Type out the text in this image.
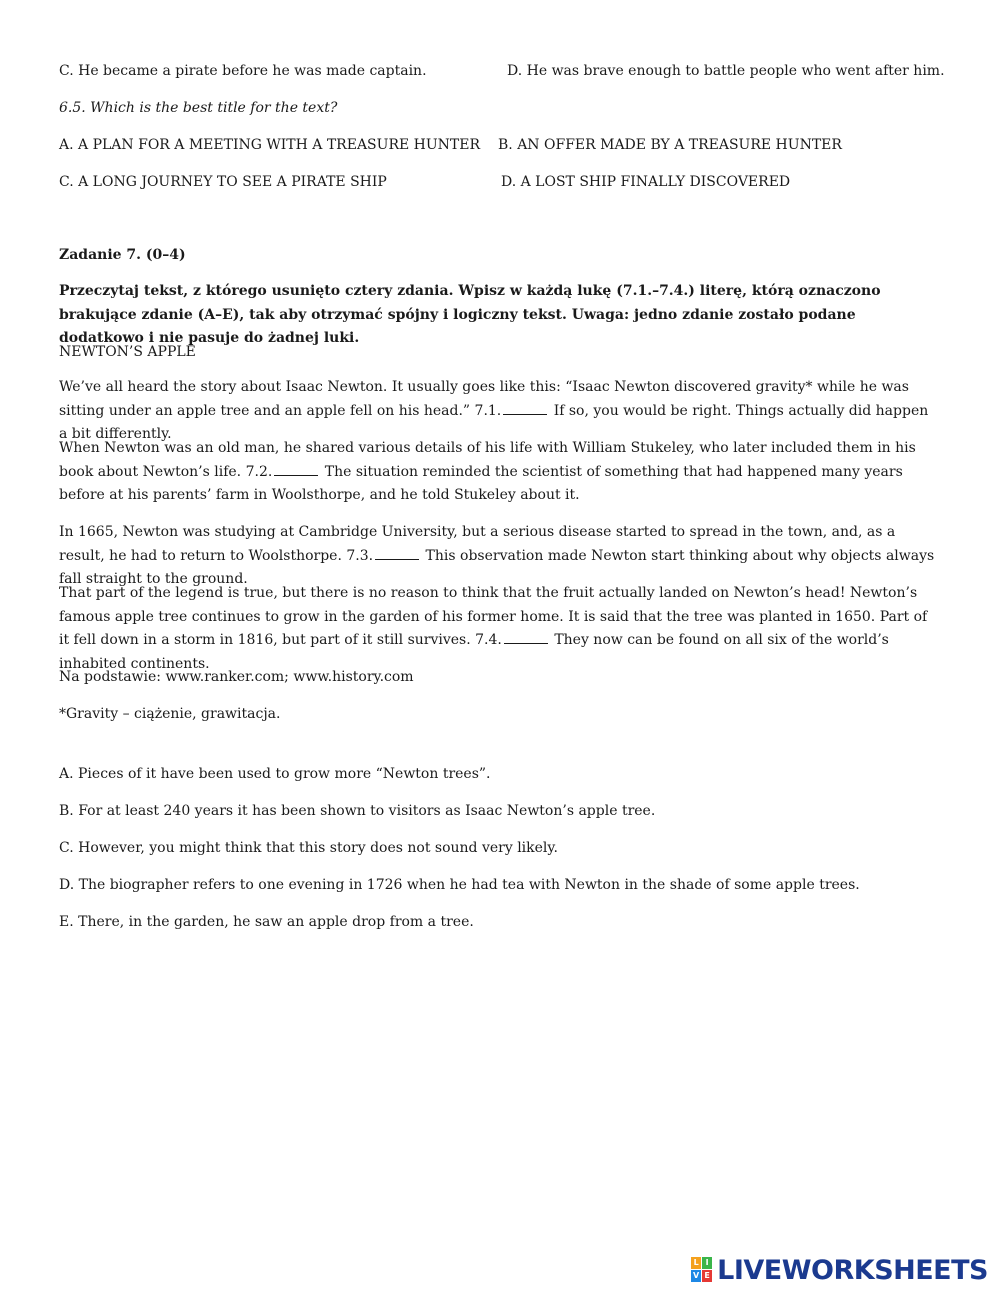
C. He became a pirate before he was made captain.	D. He was brave enough to battle people who went after him.
6.5. Which is the best title for the text?
A. A PLAN FOR A MEETING WITH A TREASURE HUNTER B. AN OFFER MADE BY A TREASURE HUNTER
C. A LONG JOURNEY TO SEE A PIRATE SHIP	D. A LOST SHIP FINALLY DISCOVERED
Zadanie 7. (0–4)
Przeczytaj tekst, z którego usunięto cztery zdania. Wpisz w każdą lukę (7.1.–7.4.) literę, którą oznaczono brakujące zdanie (A–E), tak aby otrzymać spójny i logiczny tekst. Uwaga: jedno zdanie zostało podane dodatkowo i nie pasuje do żadnej luki.
NEWTON’S APPLE
We’ve all heard the story about Isaac Newton. It usually goes like this: “Isaac Newton discovered gravity* while he was sitting under an apple tree and an apple fell on his head.” 7.1.	If so, you would be right. Things actually did happen a bit differently.
When Newton was an old man, he shared various details of his life with William Stukeley, who later included them in his book about Newton’s life. 7.2.	The situation reminded the scientist of something that had happened many years before at his parents’ farm in Woolsthorpe, and he told Stukeley about it.
In 1665, Newton was studying at Cambridge University, but a serious disease started to spread in the town, and, as a result, he had to return to Woolsthorpe. 7.3.	This observation made Newton start thinking about why objects always fall straight to the ground.
That part of the legend is true, but there is no reason to think that the fruit actually landed on Newton’s head! Newton’s famous apple tree continues to grow in the garden of his former home. It is said that the tree was planted in 1650. Part of it fell down in a storm in 1816, but part of it still survives. 7.4.	They now can be found on all six of the world’s inhabited continents.
Na podstawie: www.ranker.com; www.history.com
*Gravity – ciążenie, grawitacja.
A. Pieces of it have been used to grow more “Newton trees”.
B. For at least 240 years it has been shown to visitors as Isaac Newton’s apple tree.
C. However, you might think that this story does not sound very likely.
D. The biographer refers to one evening in 1726 when he had tea with Newton in the shade of some apple trees.
E. There, in the garden, he saw an apple drop from a tree.
L I
V E LIVEWORKSHEETS
